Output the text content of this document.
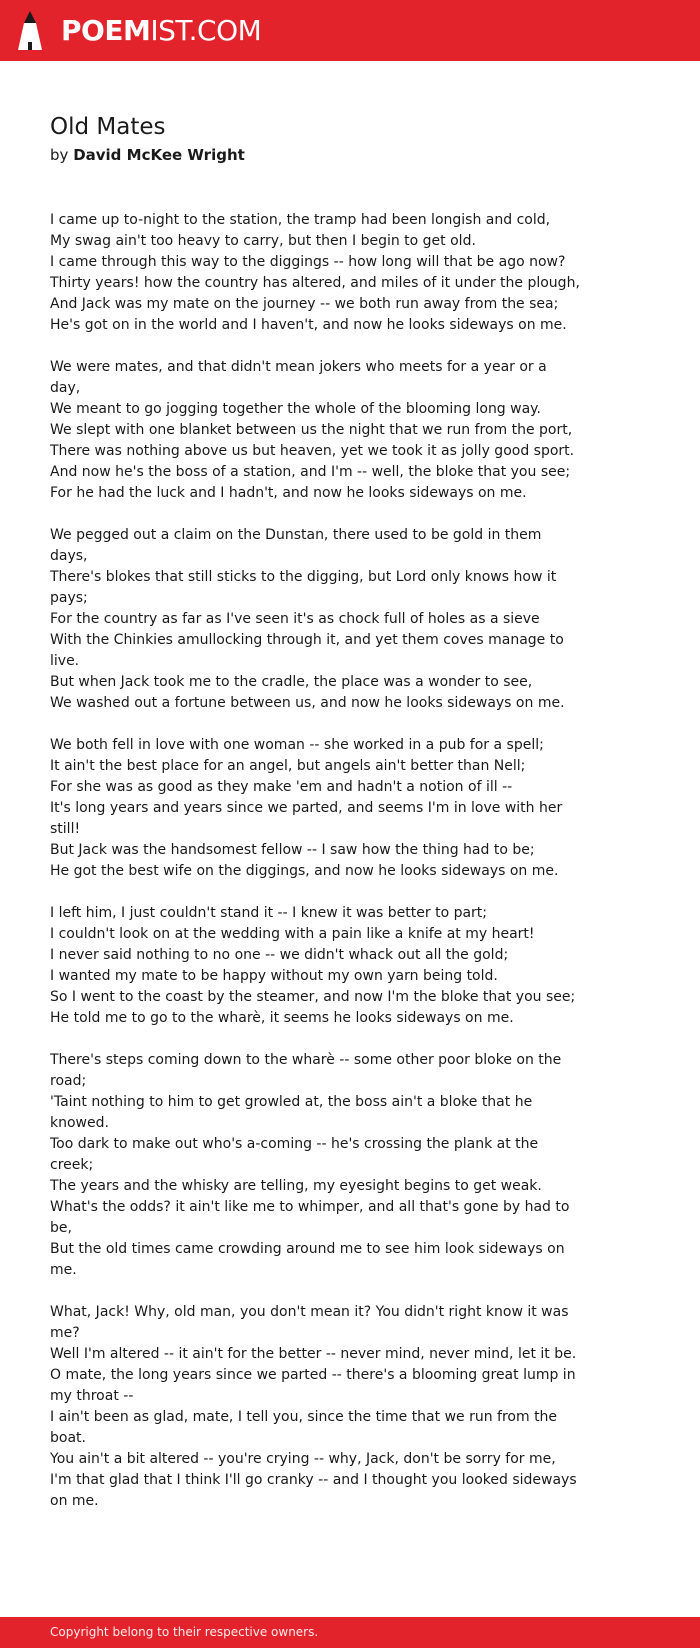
POEMIST.COM
Old Mates
by David McKee Wright
I came up to-night to the station, the tramp had been longish and cold,
My swag ain't too heavy to carry, but then I begin to get old.
I came through this way to the diggings -- how long will that be ago now?
Thirty years! how the country has altered, and miles of it under the plough,
And Jack was my mate on the journey -- we both run away from the sea;
He's got on in the world and I haven't, and now he looks sideways on me.
We were mates, and that didn't mean jokers who meets for a year or a day,
We meant to go jogging together the whole of the blooming long way.
We slept with one blanket between us the night that we run from the port,
There was nothing above us but heaven, yet we took it as jolly good sport.
And now he's the boss of a station, and I'm -- well, the bloke that you see;
For he had the luck and I hadn't, and now he looks sideways on me.
We pegged out a claim on the Dunstan, there used to be gold in them days,
There's blokes that still sticks to the digging, but Lord only knows how it pays;
For the country as far as I've seen it's as chock full of holes as a sieve
With the Chinkies amullocking through it, and yet them coves manage to live.
But when Jack took me to the cradle, the place was a wonder to see,
We washed out a fortune between us, and now he looks sideways on me.
We both fell in love with one woman -- she worked in a pub for a spell;
It ain't the best place for an angel, but angels ain't better than Nell;
For she was as good as they make 'em and hadn't a notion of ill --
It's long years and years since we parted, and seems I'm in love with her still!
But Jack was the handsomest fellow -- I saw how the thing had to be;
He got the best wife on the diggings, and now he looks sideways on me.
I left him, I just couldn't stand it -- I knew it was better to part;
I couldn't look on at the wedding with a pain like a knife at my heart!
I never said nothing to no one -- we didn't whack out all the gold;
I wanted my mate to be happy without my own yarn being told.
So I went to the coast by the steamer, and now I'm the bloke that you see;
He told me to go to the wharè, it seems he looks sideways on me.
There's steps coming down to the wharè -- some other poor bloke on the road;
'Taint nothing to him to get growled at, the boss ain't a bloke that he knowed.
Too dark to make out who's a-coming -- he's crossing the plank at the creek;
The years and the whisky are telling, my eyesight begins to get weak.
What's the odds? it ain't like me to whimper, and all that's gone by had to be,
But the old times came crowding around me to see him look sideways on me.
What, Jack! Why, old man, you don't mean it? You didn't right know it was me?
Well I'm altered -- it ain't for the better -- never mind, never mind, let it be.
O mate, the long years since we parted -- there's a blooming great lump in my throat --
I ain't been as glad, mate, I tell you, since the time that we run from the boat.
You ain't a bit altered -- you're crying -- why, Jack, don't be sorry for me,
I'm that glad that I think I'll go cranky -- and I thought you looked sideways on me.
Copyright belong to their respective owners.
